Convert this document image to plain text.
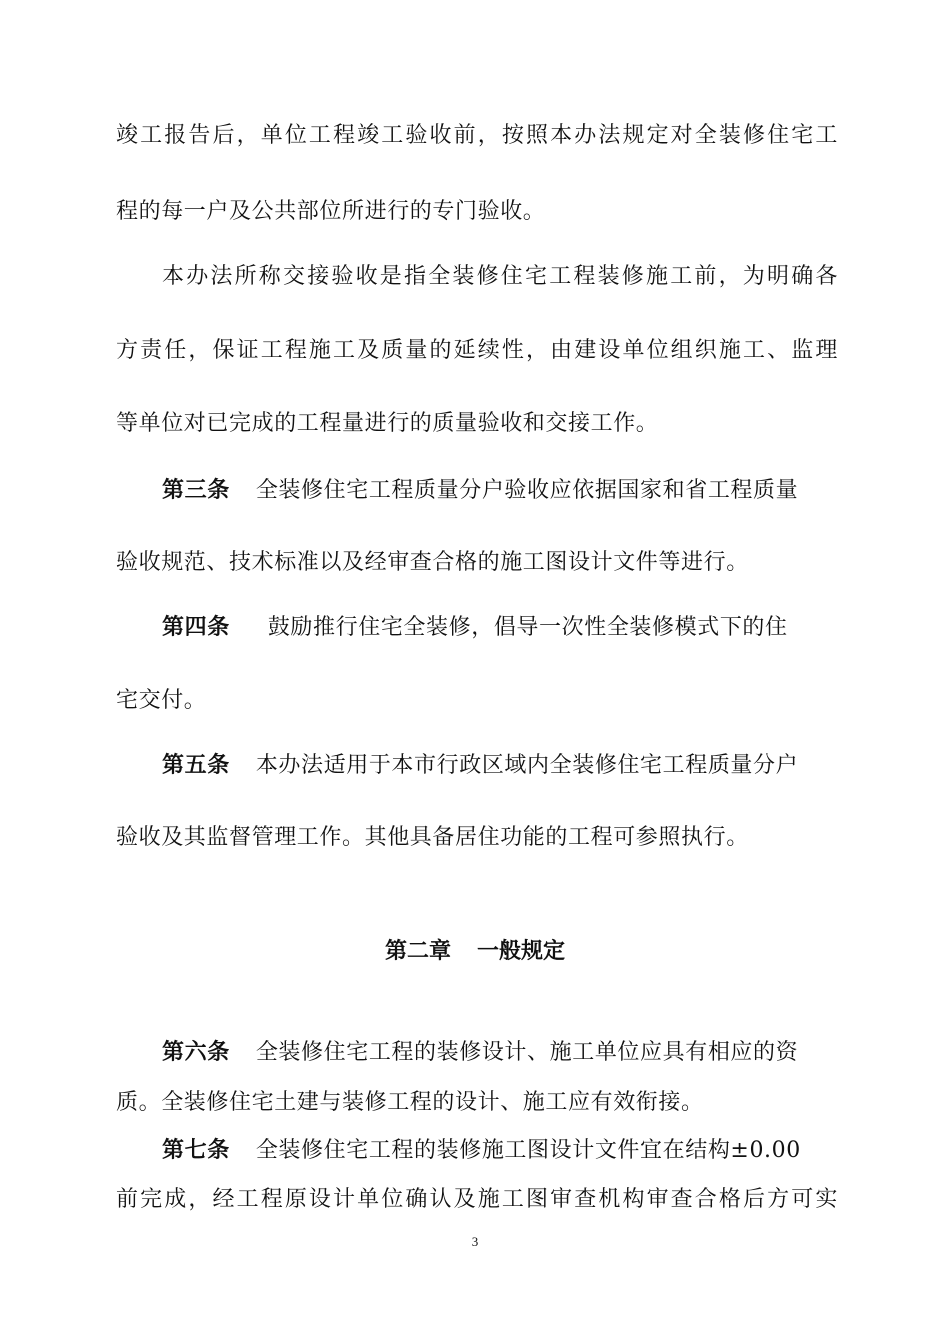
竣工报告后，单位工程竣工验收前，按照本办法规定对全装修住宅工
程的每一户及公共部位所进行的专门验收。
本办法所称交接验收是指全装修住宅工程装修施工前，为明确各
方责任，保证工程施工及质量的延续性，由建设单位组织施工、监理
等单位对已完成的工程量进行的质量验收和交接工作。
第三条 全装修住宅工程质量分户验收应依据国家和省工程质量
验收规范、技术标准以及经审查合格的施工图设计文件等进行。
第四条 鼓励推行住宅全装修，倡导一次性全装修模式下的住
宅交付。
第五条 本办法适用于本市行政区域内全装修住宅工程质量分户
验收及其监督管理工作。其他具备居住功能的工程可参照执行。
第二章 一般规定
第六条 全装修住宅工程的装修设计、施工单位应具有相应的资
质。全装修住宅土建与装修工程的设计、施工应有效衔接。
第七条 全装修住宅工程的装修施工图设计文件宜在结构±0.00
前完成，经工程原设计单位确认及施工图审查机构审查合格后方可实
3
